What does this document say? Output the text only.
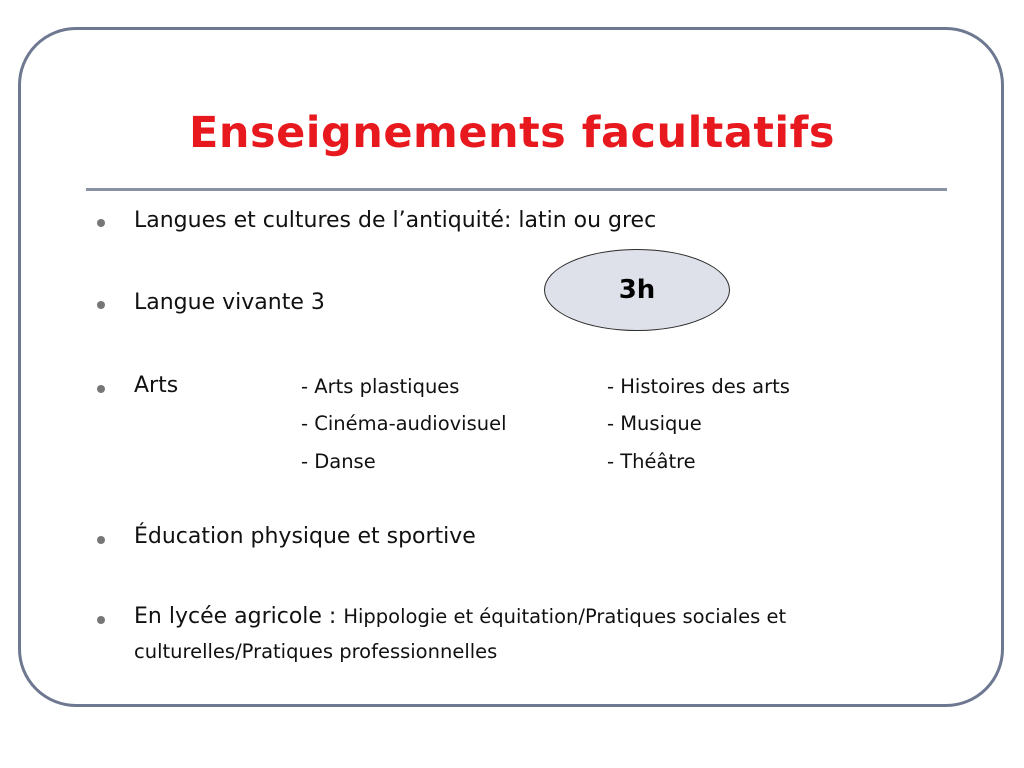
Enseignements facultatifs
Langues et cultures de l’antiquité: latin ou grec
Langue vivante 3	3h
Arts	- Arts plastiques
- Cinéma-audiovisuel
- Danse
- Histoires des arts
- Musique
- Théâtre
Éducation physique et sportive
En lycée agricole : Hippologie et équitation/Pratiques sociales et
culturelles/Pratiques professionnelles
